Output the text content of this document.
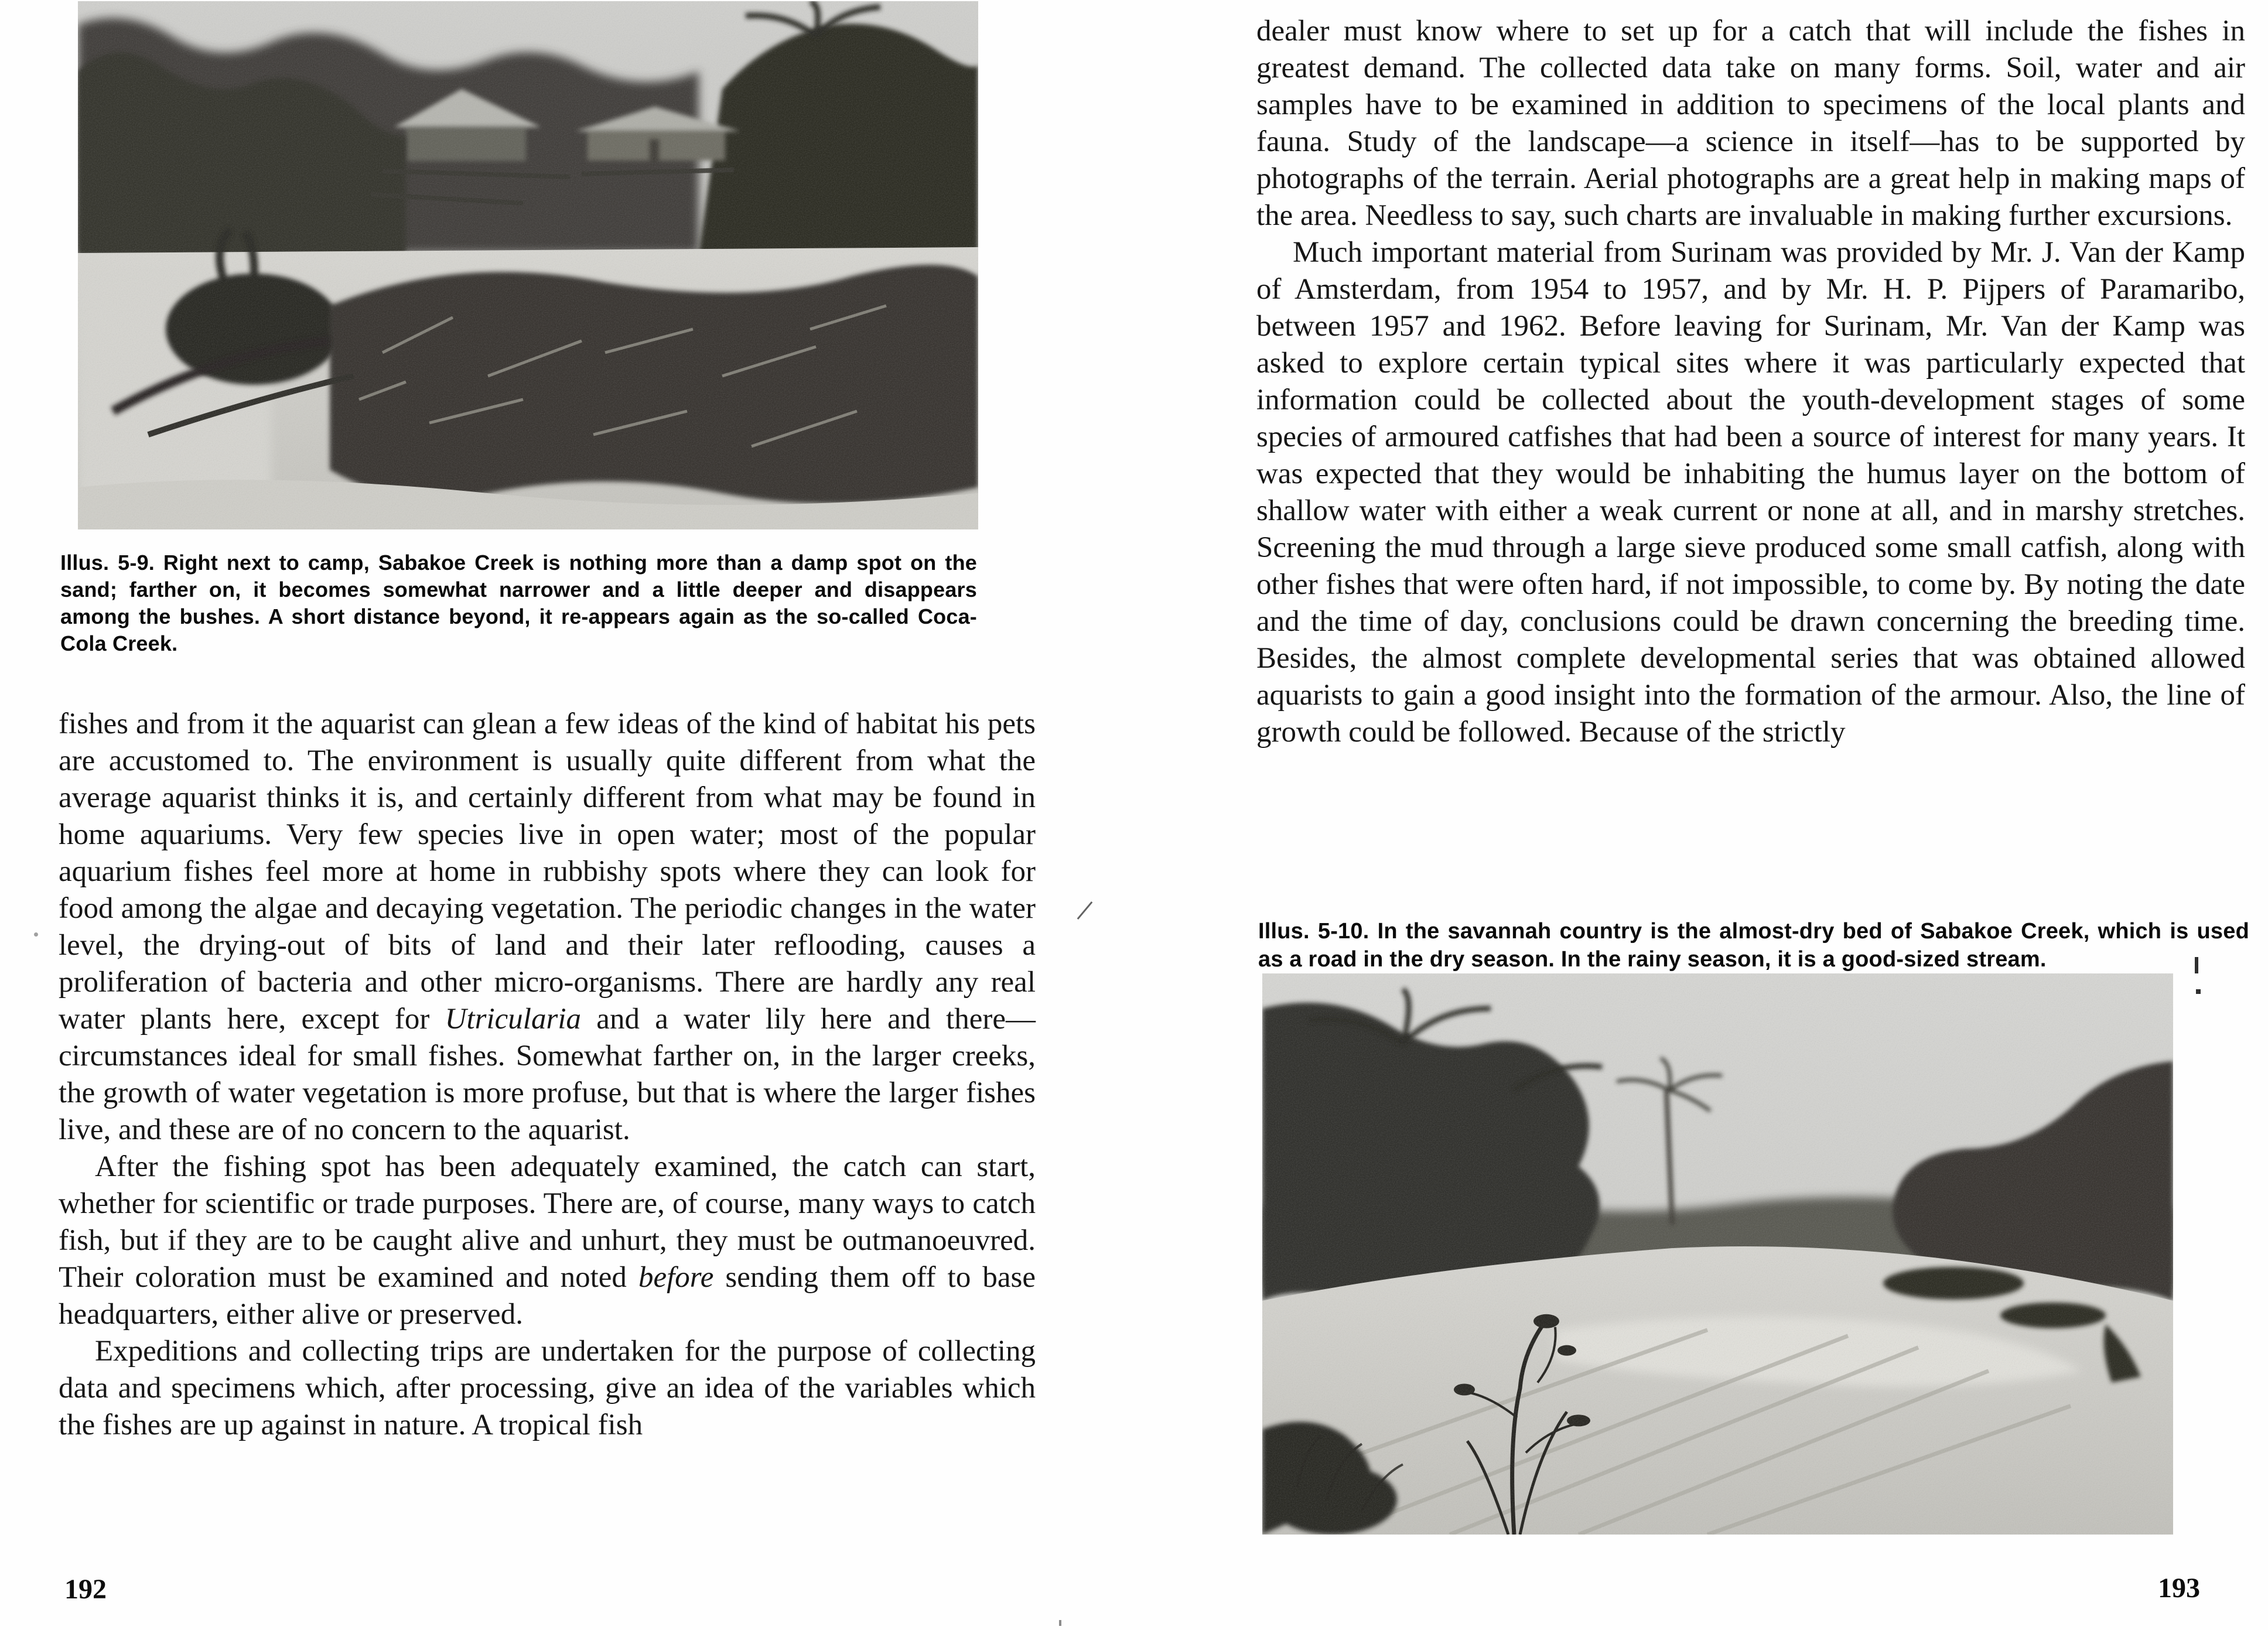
Illus. 5-9. Right next to camp, Sabakoe Creek is nothing more than a damp spot on the sand; farther on, it becomes somewhat narrower and a little deeper and disappears among the bushes. A short distance beyond, it re-appears again as the so-called Coca-Cola Creek.

fishes and from it the aquarist can glean a few ideas of the kind of habitat his pets are accustomed to. The environment is usually quite different from what the average aquarist thinks it is, and certainly different from what may be found in home aquariums. Very few species live in open water; most of the popular aquarium fishes feel more at home in rubbishy spots where they can look for food among the algae and decaying vegetation. The periodic changes in the water level, the drying-out of bits of land and their later reflooding, causes a proliferation of bacteria and other micro-organisms. There are hardly any real water plants here, except for Utricularia and a water lily here and there—circumstances ideal for small fishes. Somewhat farther on, in the larger creeks, the growth of water vegetation is more profuse, but that is where the larger fishes live, and these are of no concern to the aquarist.

After the fishing spot has been adequately examined, the catch can start, whether for scientific or trade purposes. There are, of course, many ways to catch fish, but if they are to be caught alive and unhurt, they must be outmanoeuvred. Their coloration must be examined and noted before sending them off to base headquarters, either alive or preserved.

Expeditions and collecting trips are undertaken for the purpose of collecting data and specimens which, after processing, give an idea of the variables which the fishes are up against in nature. A tropical fish

192

dealer must know where to set up for a catch that will include the fishes in greatest demand. The collected data take on many forms. Soil, water and air samples have to be examined in addition to specimens of the local plants and fauna. Study of the landscape—a science in itself—has to be supported by photographs of the terrain. Aerial photographs are a great help in making maps of the area. Needless to say, such charts are invaluable in making further excursions.

Much important material from Surinam was provided by Mr. J. Van der Kamp of Amsterdam, from 1954 to 1957, and by Mr. H. P. Pijpers of Paramaribo, between 1957 and 1962. Before leaving for Surinam, Mr. Van der Kamp was asked to explore certain typical sites where it was particularly expected that information could be collected about the youth-development stages of some species of armoured catfishes that had been a source of interest for many years. It was expected that they would be inhabiting the humus layer on the bottom of shallow water with either a weak current or none at all, and in marshy stretches. Screening the mud through a large sieve produced some small catfish, along with other fishes that were often hard, if not impossible, to come by. By noting the date and the time of day, conclusions could be drawn concerning the breeding time. Besides, the almost complete developmental series that was obtained allowed aquarists to gain a good insight into the formation of the armour. Also, the line of growth could be followed. Because of the strictly

Illus. 5-10. In the savannah country is the almost-dry bed of Sabakoe Creek, which is used as a road in the dry season. In the rainy season, it is a good-sized stream.
193
